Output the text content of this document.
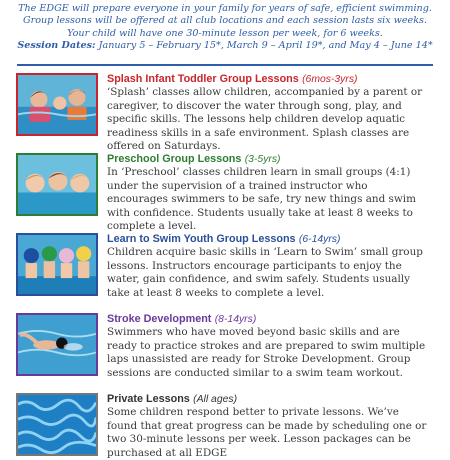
The EDGE will prepare everyone in your family for years of safe, efficient swimming.
Group lessons will be offered at all club locations and each session lasts six weeks.
Your child will have one 30-minute lesson per week, for 6 weeks.
Session Dates: January 5 – February 15*, March 9 – April 19*, and May 4 – June 14*
Splash Infant Toddler Group Lessons (6mos-3yrs)
‘Splash’ classes allow children, accompanied by a parent or caregiver, to discover the water through song, play, and specific skills. The lessons help children develop aquatic readiness skills in a safe environment. Splash classes are offered on Saturdays.
Preschool Group Lessons (3-5yrs)
In ‘Preschool’ classes children learn in small groups (4:1) under the supervision of a trained instructor who encourages swimmers to be safe, try new things and swim with confidence. Students usually take at least 8 weeks to complete a level.
Learn to Swim Youth Group Lessons (6-14yrs)
Children acquire basic skills in ‘Learn to Swim’ small group lessons. Instructors encourage participants to enjoy the water, gain confidence, and swim safely. Students usually take at least 8 weeks to complete a level.
Stroke Development (8-14yrs)
Swimmers who have moved beyond basic skills and are ready to practice strokes and are prepared to swim multiple laps unassisted are ready for Stroke Development. Group sessions are conducted similar to a swim team workout.
Private Lessons (All ages)
Some children respond better to private lessons. We’ve found that great progress can be made by scheduling one or two 30-minute lessons per week. Lesson packages can be purchased at all EDGE
